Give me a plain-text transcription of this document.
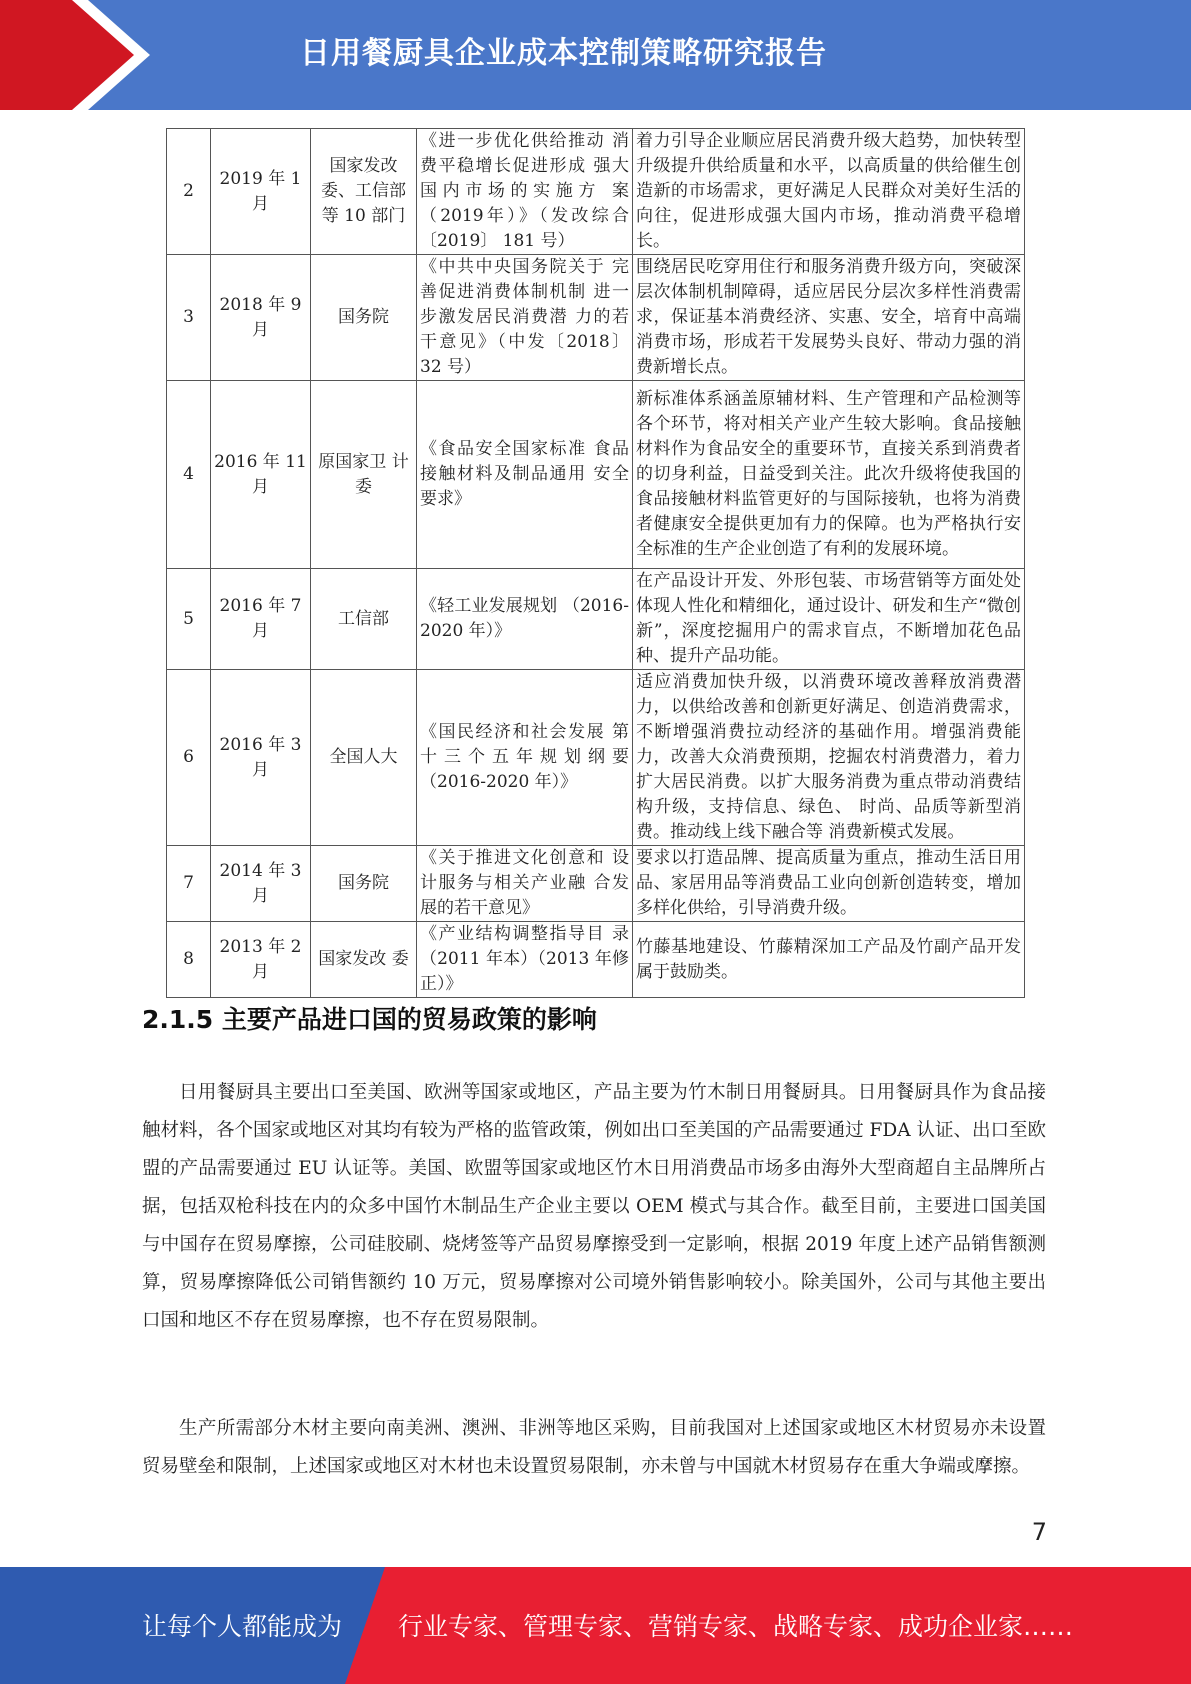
日用餐厨具企业成本控制策略研究报告
2	2019 年 1 月	国家发改委、工信部等 10 部门	《进一步优化供给推动 消费平稳增长促进形成 强大国内市场的实施方 案（2019年）》（发改综合〔2019〕 181 号）	着力引导企业顺应居民消费升级大趋势，加快转型升级提升供给质量和水平，以高质量的供给催生创造新的市场需求，更好满足人民群众对美好生活的向往，促进形成强大国内市场，推动消费平稳增长。
3	2018 年 9 月	国务院	《中共中央国务院关于 完善促进消费体制机制 进一步激发居民消费潜 力的若干意见》（中发〔2018〕 32 号）	围绕居民吃穿用住行和服务消费升级方向，突破深层次体制机制障碍，适应居民分层次多样性消费需求，保证基本消费经济、实惠、安全，培育中高端消费市场，形成若干发展势头良好、带动力强的消费新增长点。
4	2016 年 11 月	原国家卫 计委	《食品安全国家标准 食品接触材料及制品通用 安全要求》	新标准体系涵盖原辅材料、生产管理和产品检测等各个环节，将对相关产业产生较大影响。食品接触材料作为食品安全的重要环节，直接关系到消费者的切身利益，日益受到关注。此次升级将使我国的食品接触材料监管更好的与国际接轨，也将为消费者健康安全提供更加有力的保障。也为严格执行安全标准的生产企业创造了有利的发展环境。
5	2016 年 7 月	工信部	《轻工业发展规划 （2016-2020 年）》	在产品设计开发、外形包装、市场营销等方面处处体现人性化和精细化，通过设计、研发和生产“微创新”，深度挖掘用户的需求盲点，不断增加花色品种、提升产品功能。
6	2016 年 3 月	全国人大	《国民经济和社会发展 第十三个五年规划纲要 （2016-2020 年）》	适应消费加快升级，以消费环境改善释放消费潜力，以供给改善和创新更好满足、创造消费需求，不断增强消费拉动经济的基础作用。增强消费能力，改善大众消费预期，挖掘农村消费潜力，着力扩大居民消费。以扩大服务消费为重点带动消费结构升级，支持信息、绿色、 时尚、品质等新型消费。推动线上线下融合等 消费新模式发展。
7	2014 年 3 月	国务院	《关于推进文化创意和 设计服务与相关产业融 合发展的若干意见》	要求以打造品牌、提高质量为重点，推动生活日用品、家居用品等消费品工业向创新创造转变，增加多样化供给，引导消费升级。
8	2013 年 2 月	国家发改 委	《产业结构调整指导目 录（2011 年本）（2013 年修正）》	竹藤基地建设、竹藤精深加工产品及竹副产品开发属于鼓励类。
2.1.5 主要产品进口国的贸易政策的影响
日用餐厨具主要出口至美国、欧洲等国家或地区，产品主要为竹木制日用餐厨具。日用餐厨具作为食品接触材料，各个国家或地区对其均有较为严格的监管政策，例如出口至美国的产品需要通过 FDA 认证、出口至欧盟的产品需要通过 EU 认证等。美国、欧盟等国家或地区竹木日用消费品市场多由海外大型商超自主品牌所占据，包括双枪科技在内的众多中国竹木制品生产企业主要以 OEM 模式与其合作。截至目前，主要进口国美国与中国存在贸易摩擦，公司硅胶刷、烧烤签等产品贸易摩擦受到一定影响，根据 2019 年度上述产品销售额测算，贸易摩擦降低公司销售额约 10 万元，贸易摩擦对公司境外销售影响较小。除美国外，公司与其他主要出口国和地区不存在贸易摩擦，也不存在贸易限制。
生产所需部分木材主要向南美洲、澳洲、非洲等地区采购，目前我国对上述国家或地区木材贸易亦未设置贸易壁垒和限制，上述国家或地区对木材也未设置贸易限制，亦未曾与中国就木材贸易存在重大争端或摩擦。
7
让每个人都能成为 行业专家、管理专家、营销专家、战略专家、成功企业家……
